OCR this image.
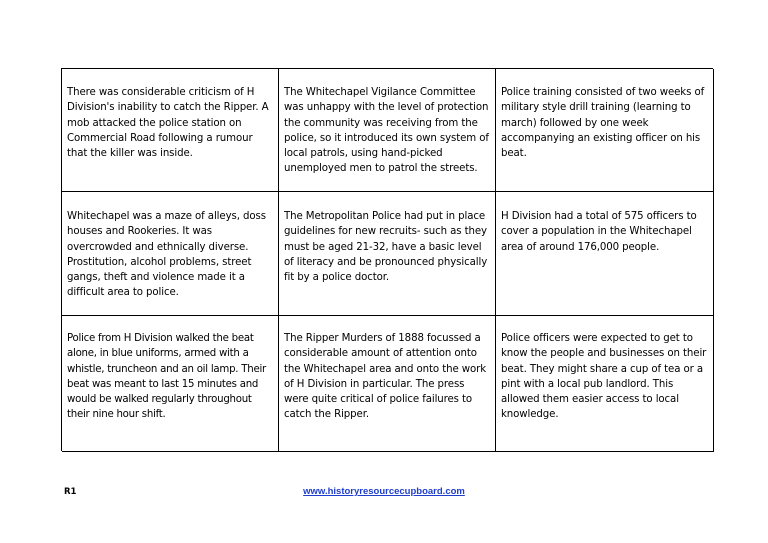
There was considerable criticism of H Division's inability to catch the Ripper. A mob attacked the police station on Commercial Road following a rumour that the killer was inside.
The Whitechapel Vigilance Committee was unhappy with the level of protection the community was receiving from the police, so it introduced its own system of local patrols, using hand-picked unemployed men to patrol the streets.
Police training consisted of two weeks of military style drill training (learning to march) followed by one week accompanying an existing officer on his beat.
Whitechapel was a maze of alleys, doss houses and Rookeries. It was overcrowded and ethnically diverse. Prostitution, alcohol problems, street gangs, theft and violence made it a difficult area to police.
The Metropolitan Police had put in place guidelines for new recruits- such as they must be aged 21-32, have a basic level of literacy and be pronounced physically fit by a police doctor.
H Division had a total of 575 officers to cover a population in the Whitechapel area of around 176,000 people.
Police from H Division walked the beat alone, in blue uniforms, armed with a whistle, truncheon and an oil lamp. Their beat was meant to last 15 minutes and would be walked regularly throughout their nine hour shift.
The Ripper Murders of 1888 focussed a considerable amount of attention onto the Whitechapel area and onto the work of H Division in particular. The press were quite critical of police failures to catch the Ripper.
Police officers were expected to get to know the people and businesses on their beat. They might share a cup of tea or a pint with a local pub landlord. This allowed them easier access to local knowledge.
R1	www.historyresourcecupboard.com
